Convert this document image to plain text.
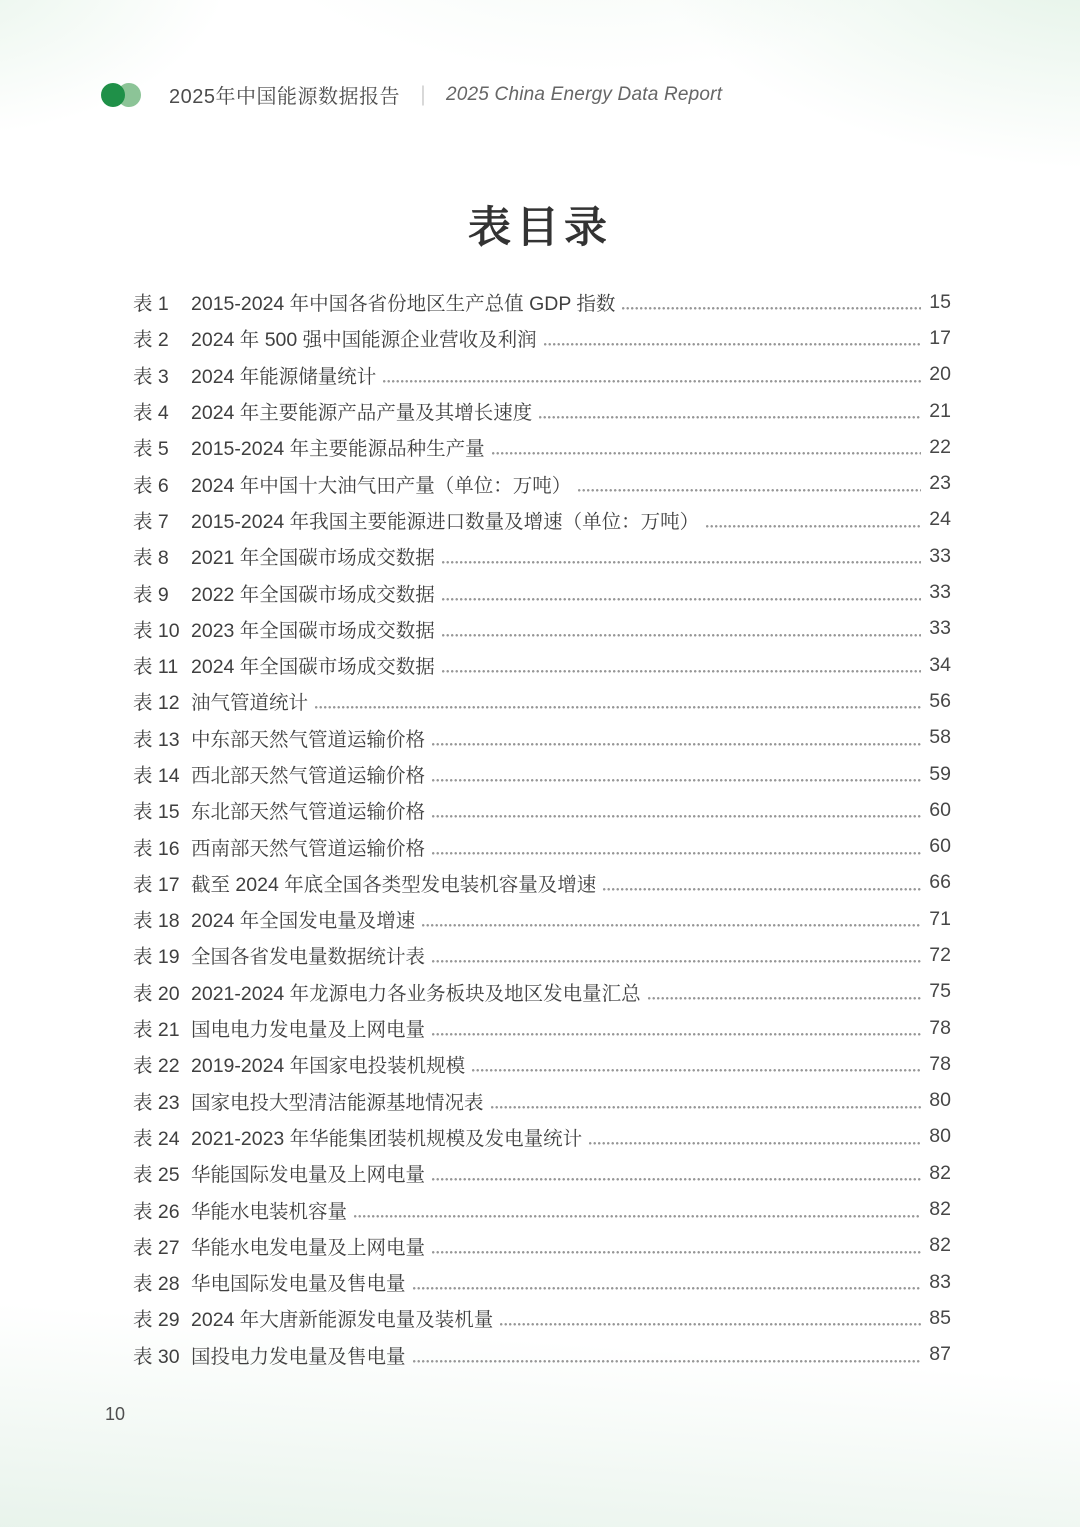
2025年中国能源数据报告 ｜ 2025 China Energy Data Report
表目录
表 1	2015-2024 年中国各省份地区生产总值 GDP 指数	15
表 2	2024 年 500 强中国能源企业营收及利润	17
表 3	2024 年能源储量统计	20
表 4	2024 年主要能源产品产量及其增长速度	21
表 5	2015-2024 年主要能源品种生产量	22
表 6	2024 年中国十大油气田产量（单位：万吨）	23
表 7	2015-2024 年我国主要能源进口数量及增速（单位：万吨）	24
表 8	2021 年全国碳市场成交数据	33
表 9	2022 年全国碳市场成交数据	33
表 10 2023 年全国碳市场成交数据	33
表 11 2024 年全国碳市场成交数据	34
表 12 油气管道统计	56
表 13 中东部天然气管道运输价格	58
表 14 西北部天然气管道运输价格	59
表 15 东北部天然气管道运输价格	60
表 16 西南部天然气管道运输价格	60
表 17 截至 2024 年底全国各类型发电装机容量及增速	66
表 18 2024 年全国发电量及增速	71
表 19 全国各省发电量数据统计表	72
表 20 2021-2024 年龙源电力各业务板块及地区发电量汇总	75
表 21 国电电力发电量及上网电量	78
表 22 2019-2024 年国家电投装机规模	78
表 23 国家电投大型清洁能源基地情况表	80
表 24 2021-2023 年华能集团装机规模及发电量统计	80
表 25 华能国际发电量及上网电量	82
表 26 华能水电装机容量	82
表 27 华能水电发电量及上网电量	82
表 28 华电国际发电量及售电量	83
表 29 2024 年大唐新能源发电量及装机量	85
表 30 国投电力发电量及售电量	87
10
